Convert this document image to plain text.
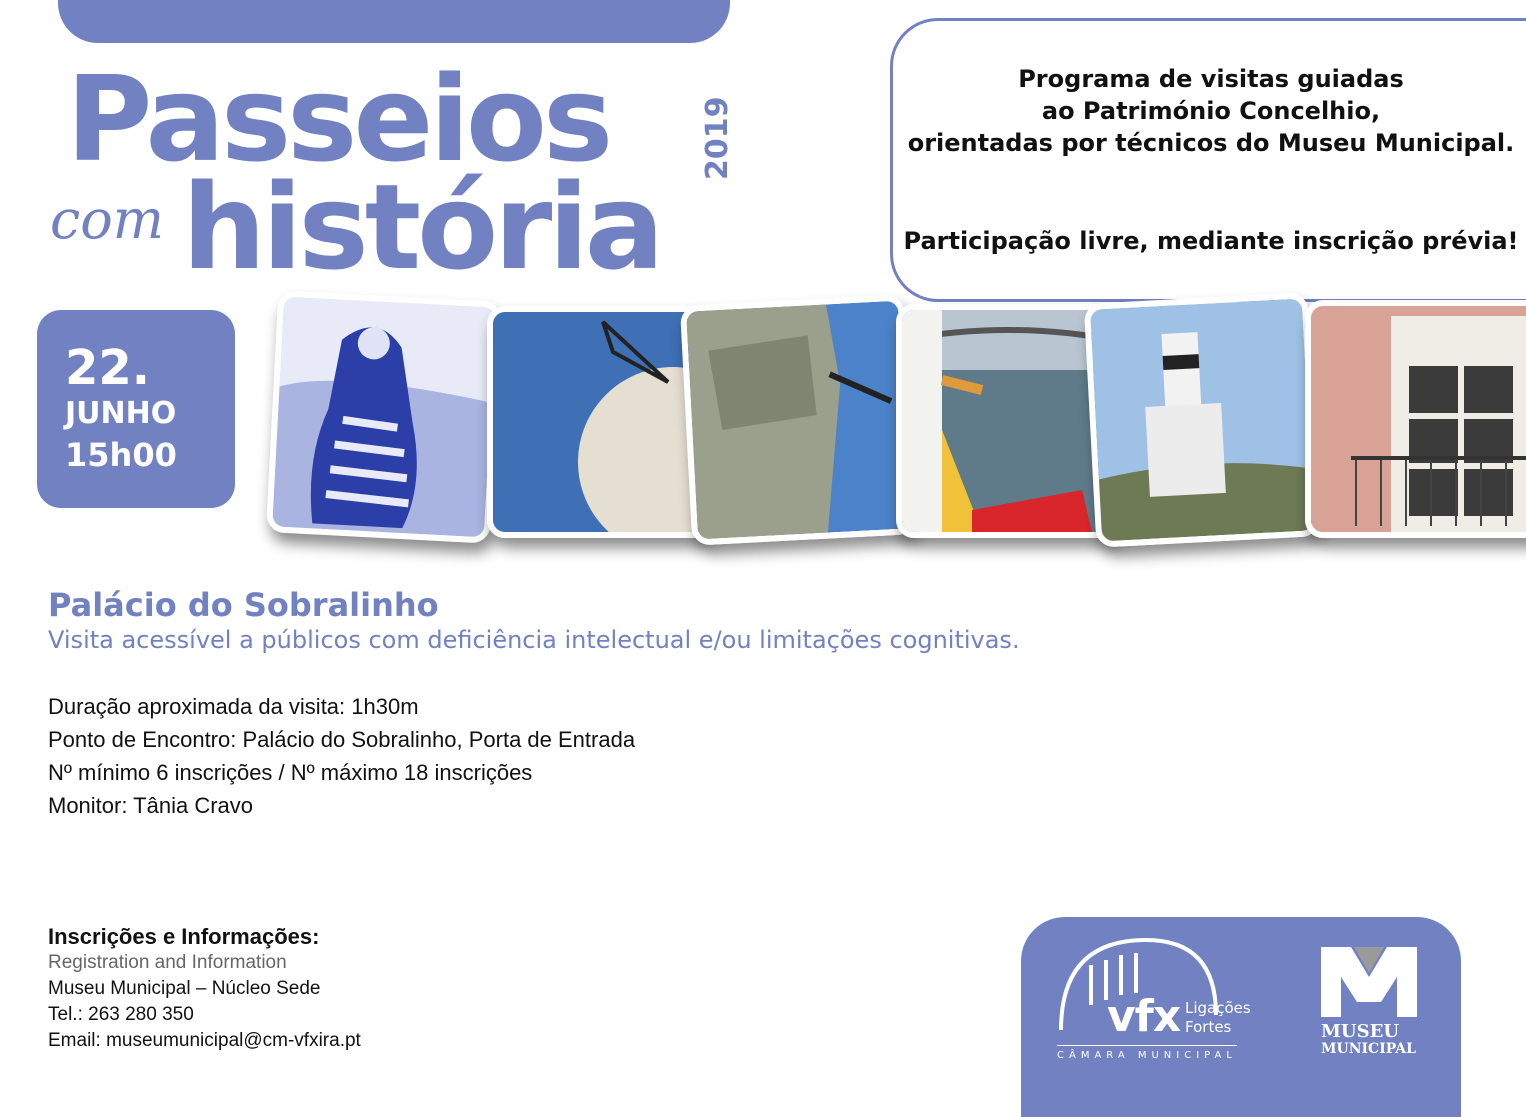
Passeios
com história
2019
Programa de visitas guiadas
ao Património Concelhio,
orientadas por técnicos do Museu Municipal.
Participação livre, mediante inscrição prévia!
22.
JUNHO
15h00
Palácio do Sobralinho
Visita acessível a públicos com deficiência intelectual e/ou limitações cognitivas.
Duração aproximada da visita: 1h30m
Ponto de Encontro: Palácio do Sobralinho, Porta de Entrada
Nº mínimo 6 inscrições / Nº máximo 18 inscrições
Monitor: Tânia Cravo
Inscrições e Informações:
Registration and Information
Museu Municipal – Núcleo Sede
Tel.: 263 280 350
Email: museumunicipal@cm-vfxira.pt	vfx Ligações
Fortes
CÂMARA MUNICIPAL
MUSEU
MUNICIPAL
